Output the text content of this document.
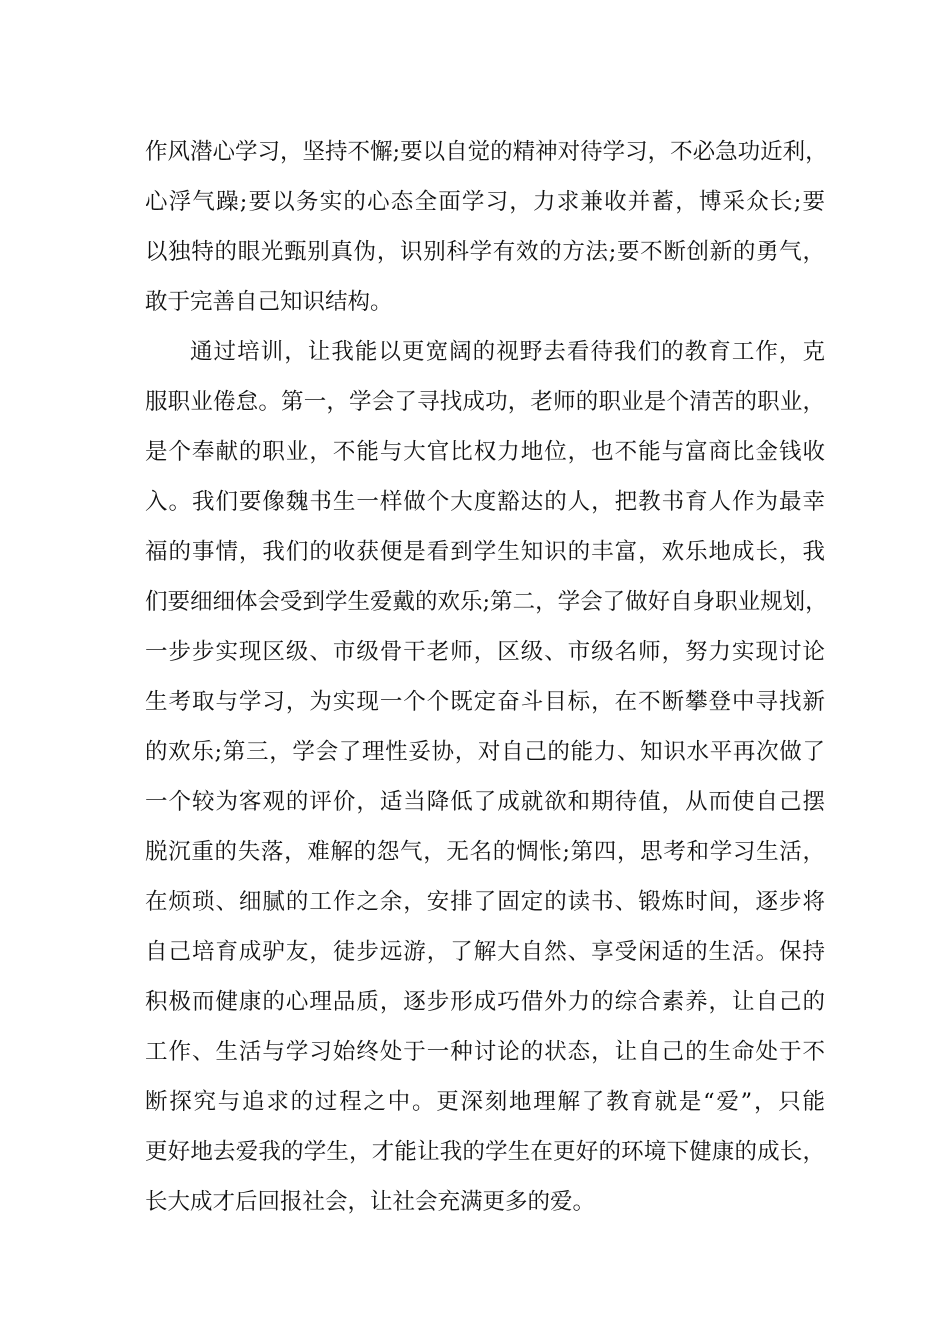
作风潜心学习，坚持不懈;要以自觉的精神对待学习，不必急功近利，
心浮气躁;要以务实的心态全面学习，力求兼收并蓄，博采众长;要
以独特的眼光甄别真伪，识别科学有效的方法;要不断创新的勇气，
敢于完善自己知识结构。
通过培训，让我能以更宽阔的视野去看待我们的教育工作，克
服职业倦怠。第一，学会了寻找成功，老师的职业是个清苦的职业，
是个奉献的职业，不能与大官比权力地位，也不能与富商比金钱收
入。我们要像魏书生一样做个大度豁达的人，把教书育人作为最幸
福的事情，我们的收获便是看到学生知识的丰富，欢乐地成长，我
们要细细体会受到学生爱戴的欢乐;第二，学会了做好自身职业规划，
一步步实现区级、市级骨干老师，区级、市级名师，努力实现讨论
生考取与学习，为实现一个个既定奋斗目标，在不断攀登中寻找新
的欢乐;第三，学会了理性妥协，对自己的能力、知识水平再次做了
一个较为客观的评价，适当降低了成就欲和期待值，从而使自己摆
脱沉重的失落，难解的怨气，无名的惆怅;第四，思考和学习生活，
在烦琐、细腻的工作之余，安排了固定的读书、锻炼时间，逐步将
自己培育成驴友，徒步远游，了解大自然、享受闲适的生活。保持
积极而健康的心理品质，逐步形成巧借外力的综合素养，让自己的
工作、生活与学习始终处于一种讨论的状态，让自己的生命处于不
断探究与追求的过程之中。更深刻地理解了教育就是“爱”，只能
更好地去爱我的学生，才能让我的学生在更好的环境下健康的成长，
长大成才后回报社会，让社会充满更多的爱。
